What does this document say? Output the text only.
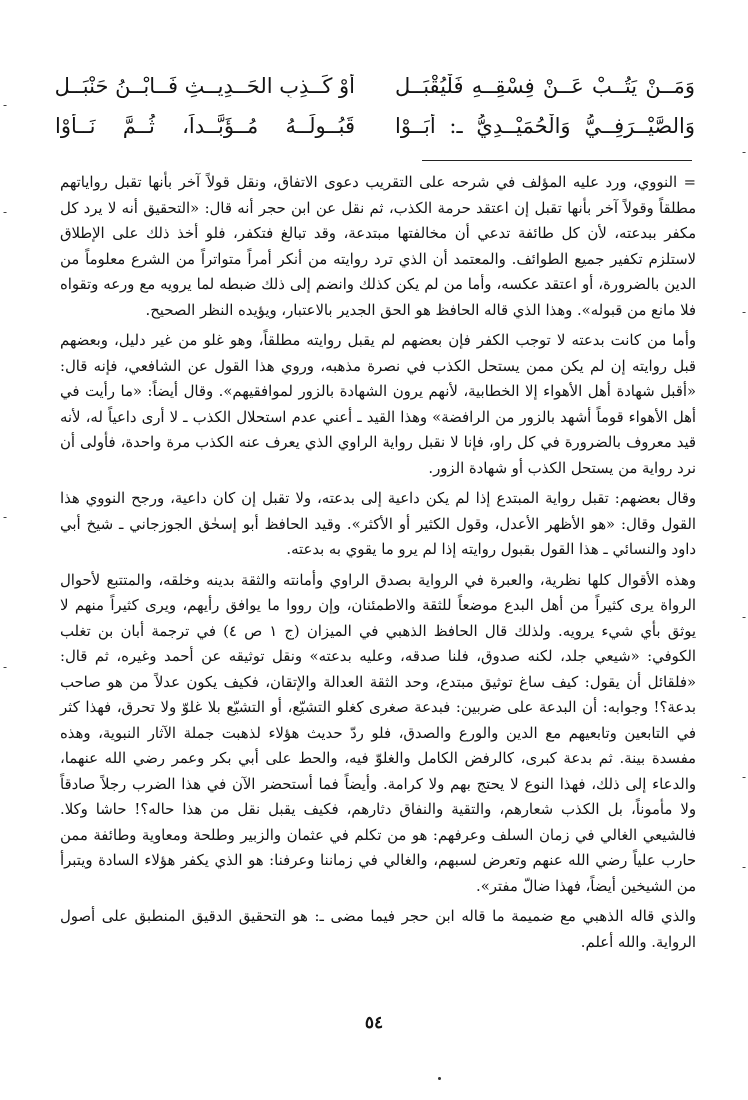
وَمَــنْ يَتُــبْ عَــنْ فِسْقِــهِ فَلْيُقْبَــلِ
أَوْ كَــذِبِ الحَــدِيــثِ فَــابْــنُ حَنْبَــلِ
وَالصَّيْــرَفِــيُّ وَالْحُمَيْــدِيُّ ـ: أَبَــوْا
قَبُــولَــهُ مُــؤَبَّــداً، ثُــمَّ نَــأَوْا

= النووي، ورد عليه المؤلف في شرحه على التقريب دعوى الاتفاق، ونقل قولاً آخر بأنها تقبل رواياتهم مطلقاً وقولاً آخر بأنها تقبل إن اعتقد حرمة الكذب، ثم نقل عن ابن حجر أنه قال: «التحقيق أنه لا يرد كل مكفر ببدعته، لأن كل طائفة تدعي أن مخالفتها مبتدعة، وقد تبالغ فتكفر، فلو أخذ ذلك على الإطلاق لاستلزم تكفير جميع الطوائف. والمعتمد أن الذي ترد روايته من أنكر أمراً متواتراً من الشرع معلوماً من الدين بالضرورة، أو اعتقد عكسه، وأما من لم يكن كذلك وانضم إلى ذلك ضبطه لما يرويه مع ورعه وتقواه فلا مانع من قبوله». وهذا الذي قاله الحافظ هو الحق الجدير بالاعتبار، ويؤيده النظر الصحيح.

وأما من كانت بدعته لا توجب الكفر فإن بعضهم لم يقبل روايته مطلقاً، وهو غلو من غير دليل، وبعضهم قبل روايته إن لم يكن ممن يستحل الكذب في نصرة مذهبه، وروي هذا القول عن الشافعي، فإنه قال: «أقبل شهادة أهل الأهواء إلا الخطابية، لأنهم يرون الشهادة بالزور لموافقيهم». وقال أيضاً: «ما رأيت في أهل الأهواء قوماً أشهد بالزور من الرافضة» وهذا القيد ـ أعني عدم استحلال الكذب ـ لا أرى داعياً له، لأنه قيد معروف بالضرورة في كل راو، فإنا لا نقبل رواية الراوي الذي يعرف عنه الكذب مرة واحدة، فأولى أن نرد رواية من يستحل الكذب أو شهادة الزور.

وقال بعضهم: تقبل رواية المبتدع إذا لم يكن داعية إلى بدعته، ولا تقبل إن كان داعية، ورجح النووي هذا القول وقال: «هو الأظهر الأعدل، وقول الكثير أو الأكثر». وقيد الحافظ أبو إسحٰق الجوزجاني ـ شيخ أبي داود والنسائي ـ هذا القول بقبول روايته إذا لم يرو ما يقوي به بدعته.

وهذه الأقوال كلها نظرية، والعبرة في الرواية بصدق الراوي وأمانته والثقة بدينه وخلقه، والمتتبع لأحوال الرواة يرى كثيراً من أهل البدع موضعاً للثقة والاطمئنان، وإن رووا ما يوافق رأيهم، ويرى كثيراً منهم لا يوثق بأي شيء يرويه. ولذلك قال الحافظ الذهبي في الميزان (ج ١ ص ٤) في ترجمة أبان بن تغلب الكوفي: «شيعي جلد، لكنه صدوق، فلنا صدقه، وعليه بدعته» ونقل توثيقه عن أحمد وغيره، ثم قال: «فلقائل أن يقول: كيف ساغ توثيق مبتدع، وحد الثقة العدالة والإتقان، فكيف يكون عدلاً من هو صاحب بدعة؟! وجوابه: أن البدعة على ضربين: فبدعة صغرى كغلو التشيّع، أو التشيّع بلا غلوّ ولا تحرق، فهذا كثر في التابعين وتابعيهم مع الدين والورع والصدق، فلو ردّ حديث هؤلاء لذهبت جملة الآثار النبوية، وهذه مفسدة بينة. ثم بدعة كبرى، كالرفض الكامل والغلوّ فيه، والحط على أبي بكر وعمر رضي الله عنهما، والدعاء إلى ذلك، فهذا النوع لا يحتج بهم ولا كرامة. وأيضاً فما أستحضر الآن في هذا الضرب رجلاً صادقاً ولا مأموناً، بل الكذب شعارهم، والتقية والنفاق دثارهم، فكيف يقبل نقل من هذا حاله؟! حاشا وكلا. فالشيعي الغالي في زمان السلف وعرفهم: هو من تكلم في عثمان والزبير وطلحة ومعاوية وطائفة ممن حارب علياً رضي الله عنهم وتعرض لسبهم، والغالي في زماننا وعرفنا: هو الذي يكفر هؤلاء السادة ويتبرأ من الشيخين أيضاً، فهذا ضالّ مفتر».

والذي قاله الذهبي مع ضميمة ما قاله ابن حجر فيما مضى ـ: هو التحقيق الدقيق المنطبق على أصول الرواية. والله أعلم.

٥٤
-
-
-
-
-
-
-
-
-
